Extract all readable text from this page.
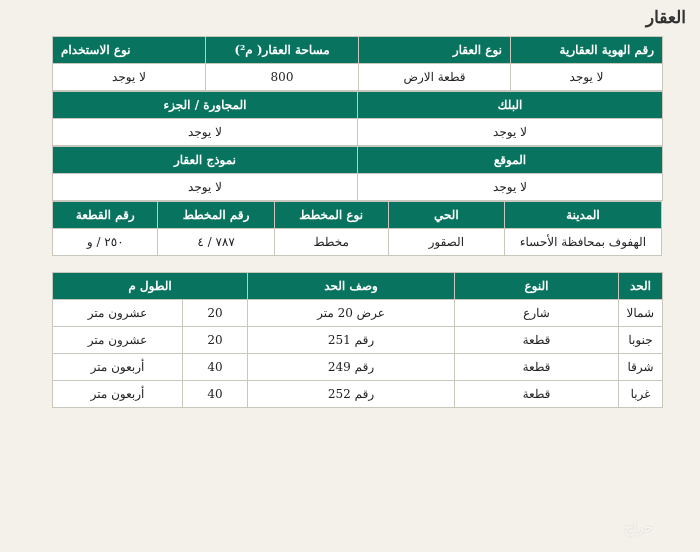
العقار
رقم الهوية العقارية	نوع العقار	مساحة العقار( م²)	نوع الاستخدام
لا يوجد	قطعة الارض	800	لا يوجد
البلك	المجاورة / الجزء
لا يوجد	لا يوجد
الموقع	نموذج العقار
لا يوجد	لا يوجد
المدينة	الحي	نوع المخطط	رقم المخطط	رقم القطعة
الهفوف بمحافظة الأحساء	الصقور	مخطط	٧٨٧ / ٤	٢٥٠ / و
الحد	النوع	وصف الحد	الطول م	
شمالا	شارع	عرض 20 متر	20	عشرون متر
جنوبا	قطعة	رقم 251	20	عشرون متر
شرقا	قطعة	رقم 249	40	أربعون متر
غربا	قطعة	رقم 252	40	أربعون متر
حراج
